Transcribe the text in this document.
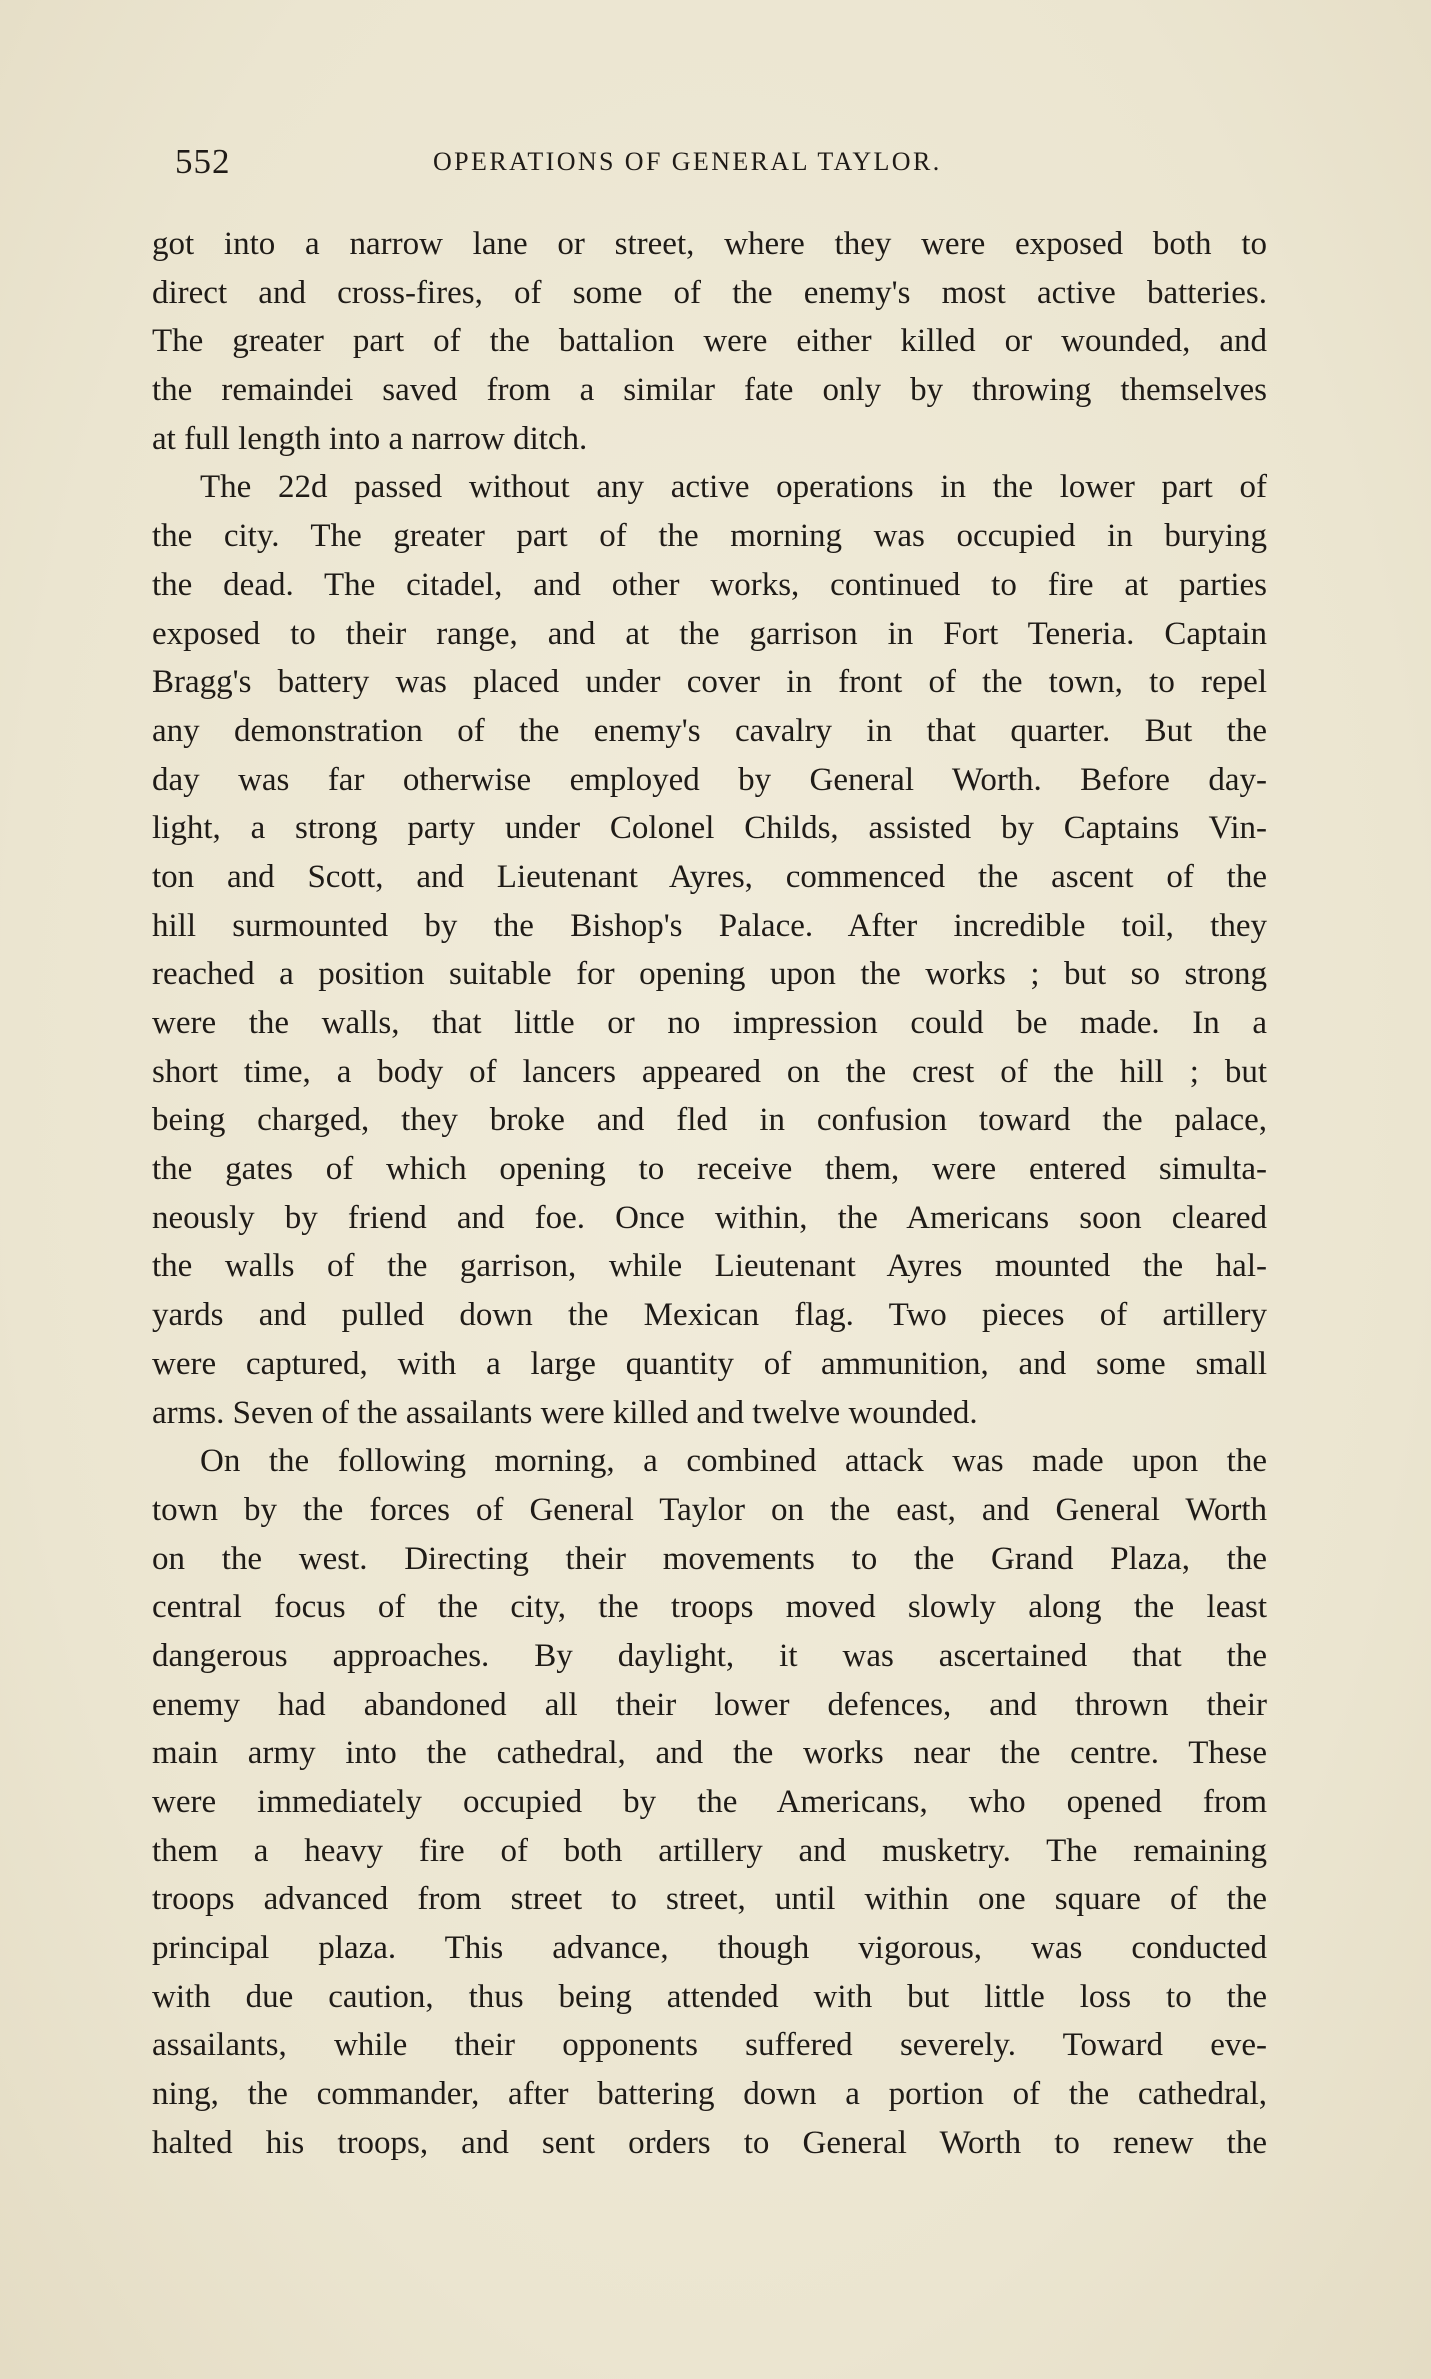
552	OPERATIONS OF GENERAL TAYLOR.
got into a narrow lane or street, where they were exposed both to
direct and cross-fires, of some of the enemy's most active batteries.
The greater part of the battalion were either killed or wounded, and
the remaindei saved from a similar fate only by throwing themselves
at full length into a narrow ditch.
The 22d passed without any active operations in the lower part of
the city. The greater part of the morning was occupied in burying
the dead. The citadel, and other works, continued to fire at parties
exposed to their range, and at the garrison in Fort Teneria. Captain
Bragg's battery was placed under cover in front of the town, to repel
any demonstration of the enemy's cavalry in that quarter. But the
day was far otherwise employed by General Worth. Before day-
light, a strong party under Colonel Childs, assisted by Captains Vin-
ton and Scott, and Lieutenant Ayres, commenced the ascent of the
hill surmounted by the Bishop's Palace. After incredible toil, they
reached a position suitable for opening upon the works ; but so strong
were the walls, that little or no impression could be made. In a
short time, a body of lancers appeared on the crest of the hill ; but
being charged, they broke and fled in confusion toward the palace,
the gates of which opening to receive them, were entered simulta-
neously by friend and foe. Once within, the Americans soon cleared
the walls of the garrison, while Lieutenant Ayres mounted the hal-
yards and pulled down the Mexican flag. Two pieces of artillery
were captured, with a large quantity of ammunition, and some small
arms. Seven of the assailants were killed and twelve wounded.
On the following morning, a combined attack was made upon the
town by the forces of General Taylor on the east, and General Worth
on the west. Directing their movements to the Grand Plaza, the
central focus of the city, the troops moved slowly along the least
dangerous approaches. By daylight, it was ascertained that the
enemy had abandoned all their lower defences, and thrown their
main army into the cathedral, and the works near the centre. These
were immediately occupied by the Americans, who opened from
them a heavy fire of both artillery and musketry. The remaining
troops advanced from street to street, until within one square of the
principal plaza. This advance, though vigorous, was conducted
with due caution, thus being attended with but little loss to the
assailants, while their opponents suffered severely. Toward eve-
ning, the commander, after battering down a portion of the cathedral,
halted his troops, and sent orders to General Worth to renew the
